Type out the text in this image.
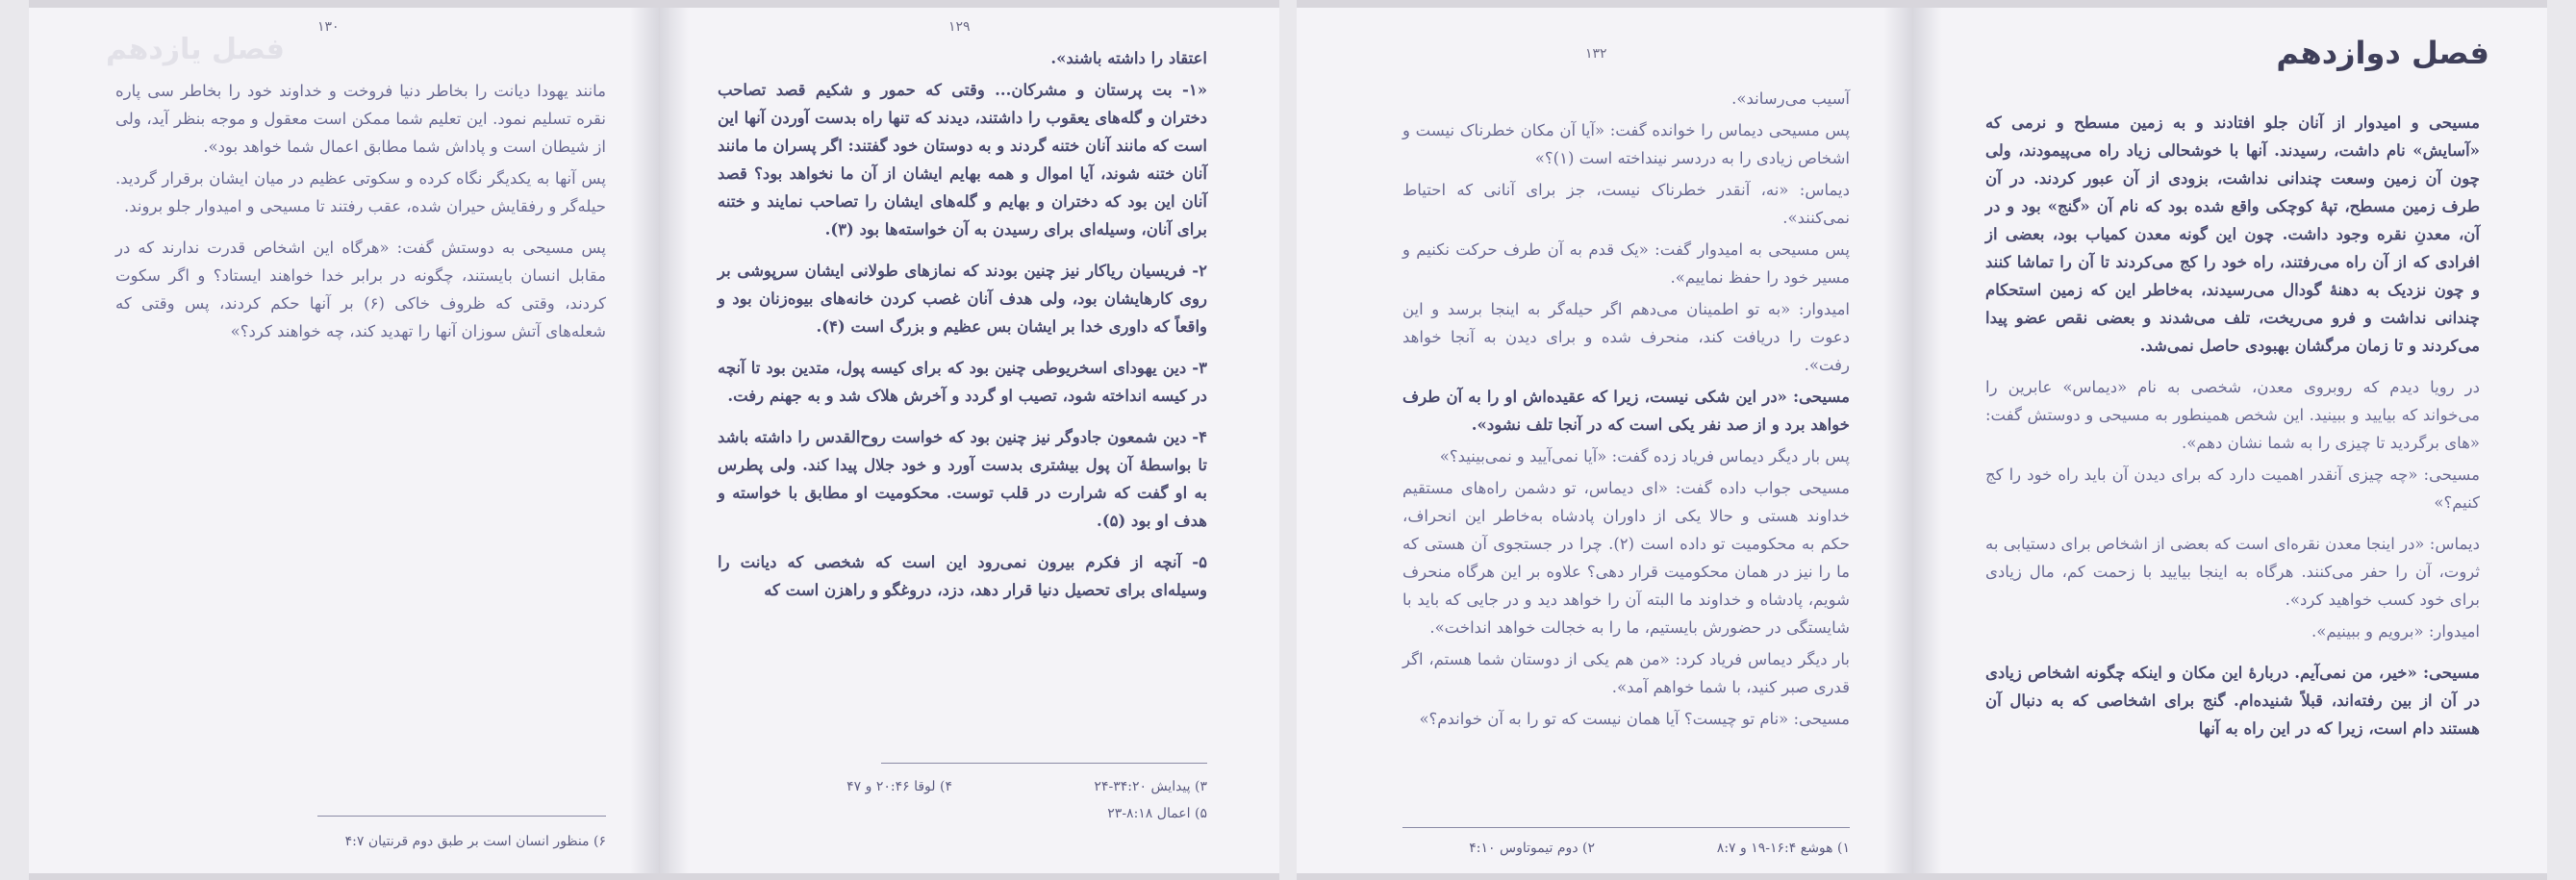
فصل یازدهم
۱۳۰

مانند یهودا دیانت را بخاطر دنیا فروخت و خداوند خود را بخاطر سی پاره نقره تسلیم نمود. این تعلیم شما ممکن است معقول و موجه بنظر آید، ولی از شیطان است و پاداش شما مطابق اعمال شما خواهد بود».

پس آنها به یکدیگر نگاه کرده و سکوتی عظیم در میان ایشان برقرار گردید. حیله‌گر و رفقایش حیران شده، عقب رفتند تا مسیحی و امیدوار جلو بروند.

پس مسیحی به دوستش گفت: «هرگاه این اشخاص قدرت ندارند که در مقابل انسان بایستند، چگونه در برابر خدا خواهند ایستاد؟ و اگر سکوت کردند، وقتی که ظروف خاکی (۶) بر آنها حکم کردند، پس وقتی که شعله‌های آتش سوزان آنها را تهدید کند، چه خواهند کرد؟»

۶) منظور انسان است بر طبق دوم قرنتیان ۴:۷
۱۲۹

اعتقاد را داشته باشند».

«۱- بت پرستان و مشرکان... وقتی که حمور و شکیم قصد تصاحب دختران و گله‌های یعقوب را داشتند، دیدند که تنها راه بدست آوردن آنها این است که مانند آنان ختنه گردند و به دوستان خود گفتند: اگر پسران ما مانند آنان ختنه شوند، آیا اموال و همه بهایم ایشان از آن ما نخواهد بود؟ قصد آنان این بود که دختران و بهایم و گله‌های ایشان را تصاحب نمایند و ختنه برای آنان، وسیله‌ای برای رسیدن به آن خواسته‌ها بود (۳).

۲- فریسیان ریاکار نیز چنین بودند که نمازهای طولانی ایشان سرپوشی بر روی کارهایشان بود، ولی هدف آنان غصب کردن خانه‌های بیوه‌زنان بود و واقعاً که داوری خدا بر ایشان بس عظیم و بزرگ است (۴).

۳- دین یهودای اسخریوطی چنین بود که برای کیسه پول، متدین بود تا آنچه در کیسه انداخته شود، تصیب او گردد و آخرش هلاک شد و به جهنم رفت.

۴- دین شمعون جادوگر نیز چنین بود که خواست روح‌القدس را داشته باشد تا بواسطهٔ آن پول بیشتری بدست آورد و خود جلال پیدا کند. ولی پطرس به او گفت که شرارت در قلب توست. محکومیت او مطابق با خواسته و هدف او بود (۵).

۵- آنچه از فکرم بیرون نمی‌رود این است که شخصی که دیانت را وسیله‌ای برای تحصیل دنیا قرار دهد، دزد، دروغگو و راهزن است که

۳) پیدایش ۳۴:۲۰-۲۴
۴) لوقا ۲۰:۴۶ و ۴۷
۵) اعمال ۸:۱۸-۲۳
۱۳۲

آسیب می‌رساند».

پس مسیحی دیماس را خوانده گفت: «آیا آن مکان خطرناک نیست و اشخاص زیادی را به دردسر نینداخته است (۱)؟»

دیماس: «نه، آنقدر خطرناک نیست، جز برای آنانی که احتیاط نمی‌کنند».

پس مسیحی به امیدوار گفت: «یک قدم به آن طرف حرکت نکنیم و مسیر خود را حفظ نماییم».

امیدوار: «به تو اطمینان می‌دهم اگر حیله‌گر به اینجا برسد و این دعوت را دریافت کند، منحرف شده و برای دیدن به آنجا خواهد رفت».

مسیحی: «در این شکی نیست، زیرا که عقیده‌اش او را به آن طرف خواهد برد و از صد نفر یکی است که در آنجا تلف نشود».

پس بار دیگر دیماس فریاد زده گفت: «آیا نمی‌آیید و نمی‌بینید؟»

مسیحی جواب داده گفت: «ای دیماس، تو دشمن راه‌های مستقیم خداوند هستی و حالا یکی از داوران پادشاه به‌خاطر این انحراف، حکم به محکومیت تو داده است (۲). چرا در جستجوی آن هستی که ما را نیز در همان محکومیت قرار دهی؟ علاوه بر این هرگاه منحرف شویم، پادشاه و خداوند ما البته آن را خواهد دید و در جایی که باید با شایستگی در حضورش بایستیم، ما را به خجالت خواهد انداخت».

بار دیگر دیماس فریاد کرد: «من هم یکی از دوستان شما هستم، اگر قدری صبر کنید، با شما خواهم آمد».

مسیحی: «نام تو چیست؟ آیا همان نیست که تو را به آن خواندم؟»

۱) هوشع ۱۶:۴-۱۹ و ۸:۷
۲) دوم تیموتاوس ۴:۱۰
فصل دوازدهم

مسیحی و امیدوار از آنان جلو افتادند و به زمین مسطح و نرمی که «آسایش» نام داشت، رسیدند. آنها با خوشحالی زیاد راه می‌پیمودند، ولی چون آن زمین وسعت چندانی نداشت، بزودی از آن عبور کردند. در آن طرف زمین مسطح، تپهٔ کوچکی واقع شده بود که نام آن «گنج» بود و در آن، معدنِ نقره وجود داشت. چون این گونه معدن کمیاب بود، بعضی از افرادی که از آن راه می‌رفتند، راه خود را کج می‌کردند تا آن را تماشا کنند و چون نزدیک به دهنهٔ گودال می‌رسیدند، به‌خاطر این که زمین استحکام چندانی نداشت و فرو می‌ریخت، تلف می‌شدند و بعضی نقص عضو پیدا می‌کردند و تا زمان مرگشان بهبودی حاصل نمی‌شد.

در رویا دیدم که روبروی معدن، شخصی به نام «دیماس» عابرین را می‌خواند که بیایید و ببینید. این شخص همینطور به مسیحی و دوستش گفت: «های برگردید تا چیزی را به شما نشان دهم».

مسیحی: «چه چیزی آنقدر اهمیت دارد که برای دیدن آن باید راه خود را کج کنیم؟»

دیماس: «در اینجا معدن نقره‌ای است که بعضی از اشخاص برای دستیابی به ثروت، آن را حفر می‌کنند. هرگاه به اینجا بیایید با زحمت کم، مال زیادی برای خود کسب خواهید کرد».

امیدوار: «برویم و ببینیم».

مسیحی: «خیر، من نمی‌آیم. دربارهٔ این مکان و اینکه چگونه اشخاص زیادی در آن از بین رفته‌اند، قبلاً شنیده‌ام. گنج برای اشخاصی که به دنبال آن هستند دام است، زیرا که در این راه به آنها
